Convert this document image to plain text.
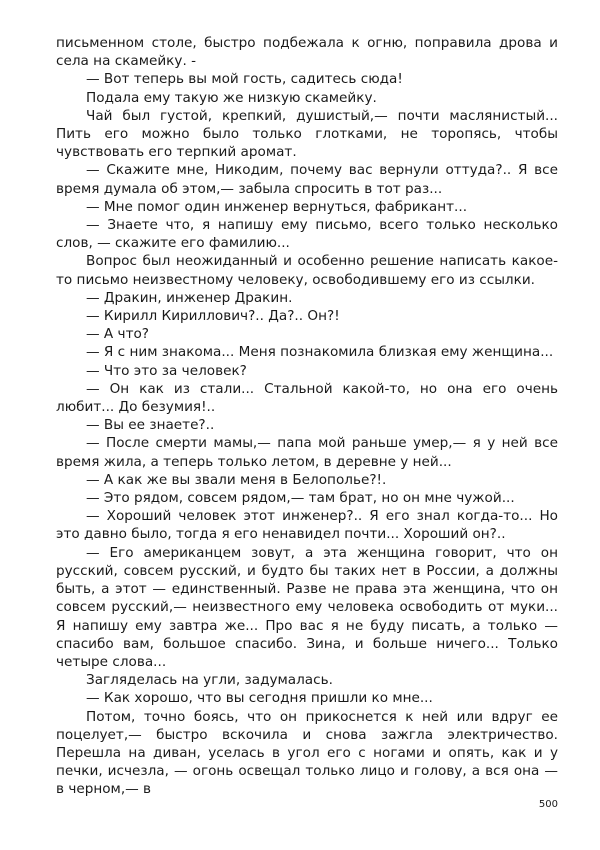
письменном столе, быстро подбежала к огню, поправила дрова и села на скамейку. -

— Вот теперь вы мой гость, садитесь сюда!

Подала ему такую же низкую скамейку.

Чай был густой, крепкий, душистый,— почти маслянистый... Пить его можно было только глотками, не торопясь, чтобы чувствовать его терпкий аромат.

— Скажите мне, Никодим, почему вас вернули оттуда?.. Я все время думала об этом,— забыла спросить в тот раз...

— Мне помог один инженер вернуться, фабрикант...

— Знаете что, я напишу ему письмо, всего только несколько слов, — скажите его фамилию...

Вопрос был неожиданный и особенно решение написать какое-то письмо неизвестному человеку, освободившему его из ссылки.

— Дракин, инженер Дракин.

— Кирилл Кириллович?.. Да?.. Он?!

— А что?

— Я с ним знакома... Меня познакомила близкая ему женщина...

— Что это за человек?

— Он как из стали... Стальной какой-то, но она его очень любит... До безумия!..

— Вы ее знаете?..

— После смерти мамы,— папа мой раньше умер,— я у ней все время жила, а теперь только летом, в деревне у ней...

— А как же вы звали меня в Белополье?!.

— Это рядом, совсем рядом,— там брат, но он мне чужой...

— Хороший человек этот инженер?.. Я его знал когда-то... Но это давно было, тогда я его ненавидел почти... Хороший он?..

— Его американцем зовут, а эта женщина говорит, что он русский, совсем русский, и будто бы таких нет в России, а должны быть, а этот — единственный. Разве не права эта женщина, что он совсем русский,— неизвестного ему человека освободить от муки... Я напишу ему завтра же... Про вас я не буду писать, а только — спасибо вам, большое спасибо. Зина, и больше ничего... Только четыре слова...

Загляделась на угли, задумалась.

— Как хорошо, что вы сегодня пришли ко мне...

Потом, точно боясь, что он прикоснется к ней или вдруг ее поцелует,— быстро вскочила и снова зажгла электричество. Перешла на диван, уселась в угол его с ногами и опять, как и у печки, исчезла, — огонь освещал только лицо и голову, а вся она — в черном,— в

500
